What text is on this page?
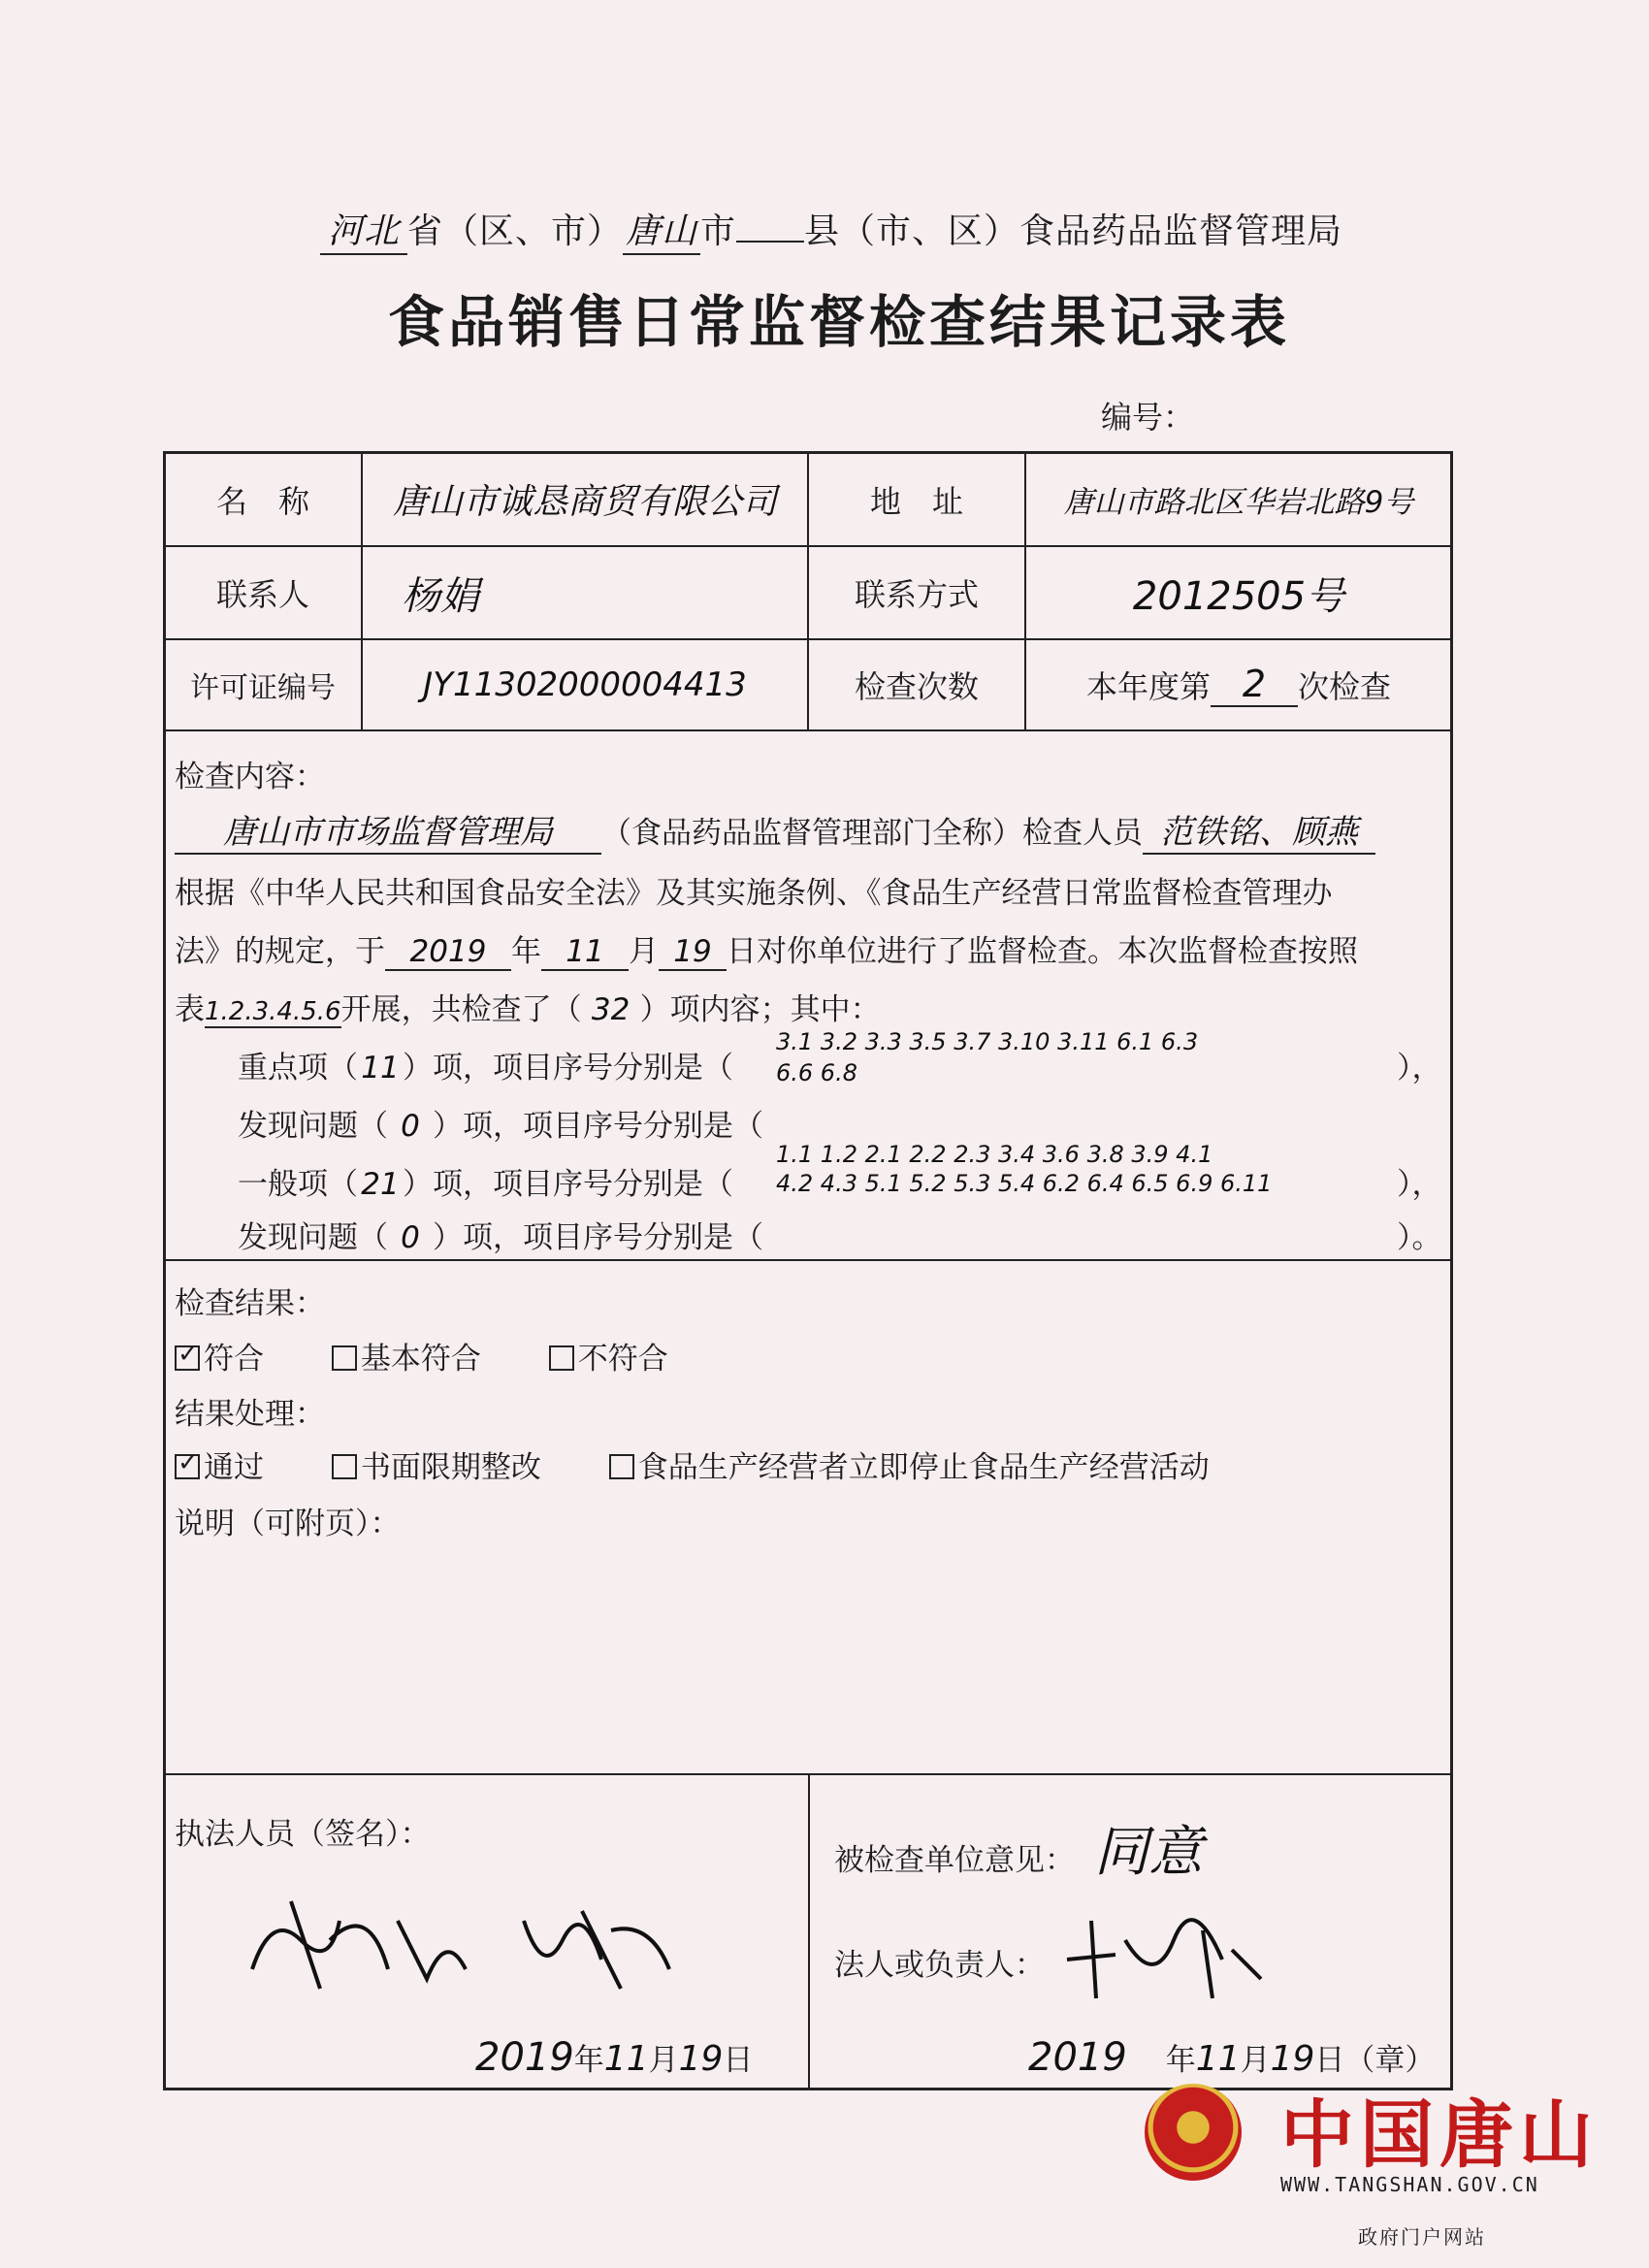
河北 省（区、市）唐山市 县（市、区）食品药品监督管理局
食品销售日常监督检查结果记录表
编号：
名　称	唐山市诚恳商贸有限公司	地　址	唐山市路北区华岩北路9号
联系人	杨娟	联系方式	2012505号
许可证编号	JY11302000004413	检查次数	本年度第 2	次检查
检查内容：
唐山市市场监督管理局 （食品药品监督管理部门全称）检查人员 范铁铭、顾燕
根据《中华人民共和国食品安全法》及其实施条例、《食品生产经营日常监督检查管理办
法》的规定，于 2019 年 11 月 19 日对你单位进行了监督检查。本次监督检查按照
表1.2.3.4.5.6开展，共检查了（ 32 ）项内容；其中：
重点项（ 11 ）项，项目序号分别是（
3.1 3.2 3.3 3.5 3.7 3.10 3.11 6.1 6.3
6.6 6.8	），
发现问题（ 0 ）项，项目序号分别是（
一般项（ 21 ）项，项目序号分别是（
1.1 1.2 2.1 2.2 2.3 3.4 3.6 3.8 3.9 4.1
4.2 4.3 5.1 5.2 5.3 5.4 6.2 6.4 6.5 6.9 6.11	），
发现问题（ 0 ）项，项目序号分别是（	）。
检查结果：
✓符合	基本符合	不符合
结果处理：
✓通过	书面限期整改	食品生产经营者立即停止食品生产经营活动
说明（可附页）：
执法人员（签名）：
被检查单位意见： 同意
法人或负责人：
2019年11月19日	2019 年11月19日（章）
中国唐山
WWW.TANGSHAN.GOV.CN
政府门户网站
